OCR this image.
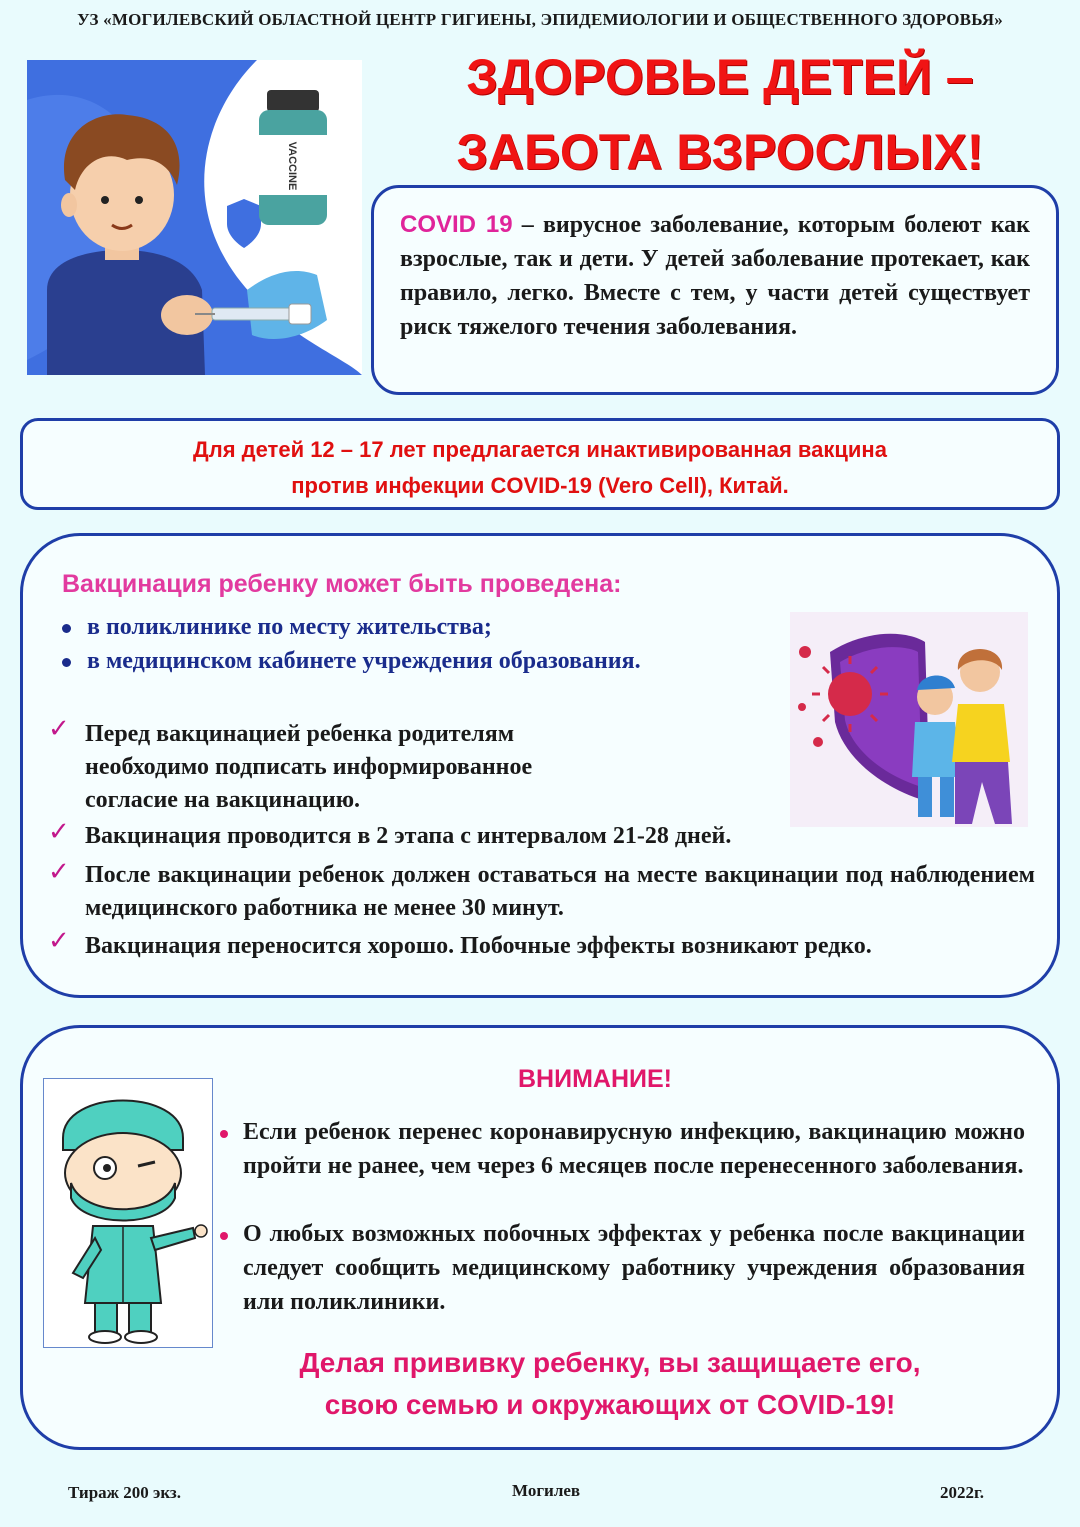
УЗ «МОГИЛЕВСКИЙ ОБЛАСТНОЙ ЦЕНТР ГИГИЕНЫ, ЭПИДЕМИОЛОГИИ И ОБЩЕСТВЕННОГО ЗДОРОВЬЯ»
VACCINE
ЗДОРОВЬЕ ДЕТЕЙ –
ЗАБОТА ВЗРОСЛЫХ!
COVID 19 – вирусное заболевание, которым болеют как взрослые, так и дети. У детей заболевание протекает, как правило, легко. Вместе с тем, у части детей существует риск тяжелого течения заболевания.
Для детей 12 – 17 лет предлагается инактивированная вакцина
против инфекции COVID-19 (Vero Cell), Китай.
Вакцинация ребенку может быть проведена:
в поликлинике по месту жительства;
в медицинском кабинете учреждения образования.
✓ Перед вакцинацией ребенка родителям необходимо подписать информированное согласие на вакцинацию.
✓ Вакцинация проводится в 2 этапа с интервалом 21-28 дней.
✓ После вакцинации ребенок должен оставаться на месте вакцинации под наблюдением медицинского работника не менее 30 минут.
✓ Вакцинация переносится хорошо. Побочные эффекты возникают редко.
ВНИМАНИЕ!
Если ребенок перенес коронавирусную инфекцию, вакцинацию можно пройти не ранее, чем через 6 месяцев после перенесенного заболевания.
О любых возможных побочных эффектах у ребенка после вакцинации следует сообщить медицинскому работнику учреждения образования или поликлиники.
Делая прививку ребенку, вы защищаете его,
свою семью и окружающих от COVID-19!
Тираж 200 экз.	Могилев	2022г.
